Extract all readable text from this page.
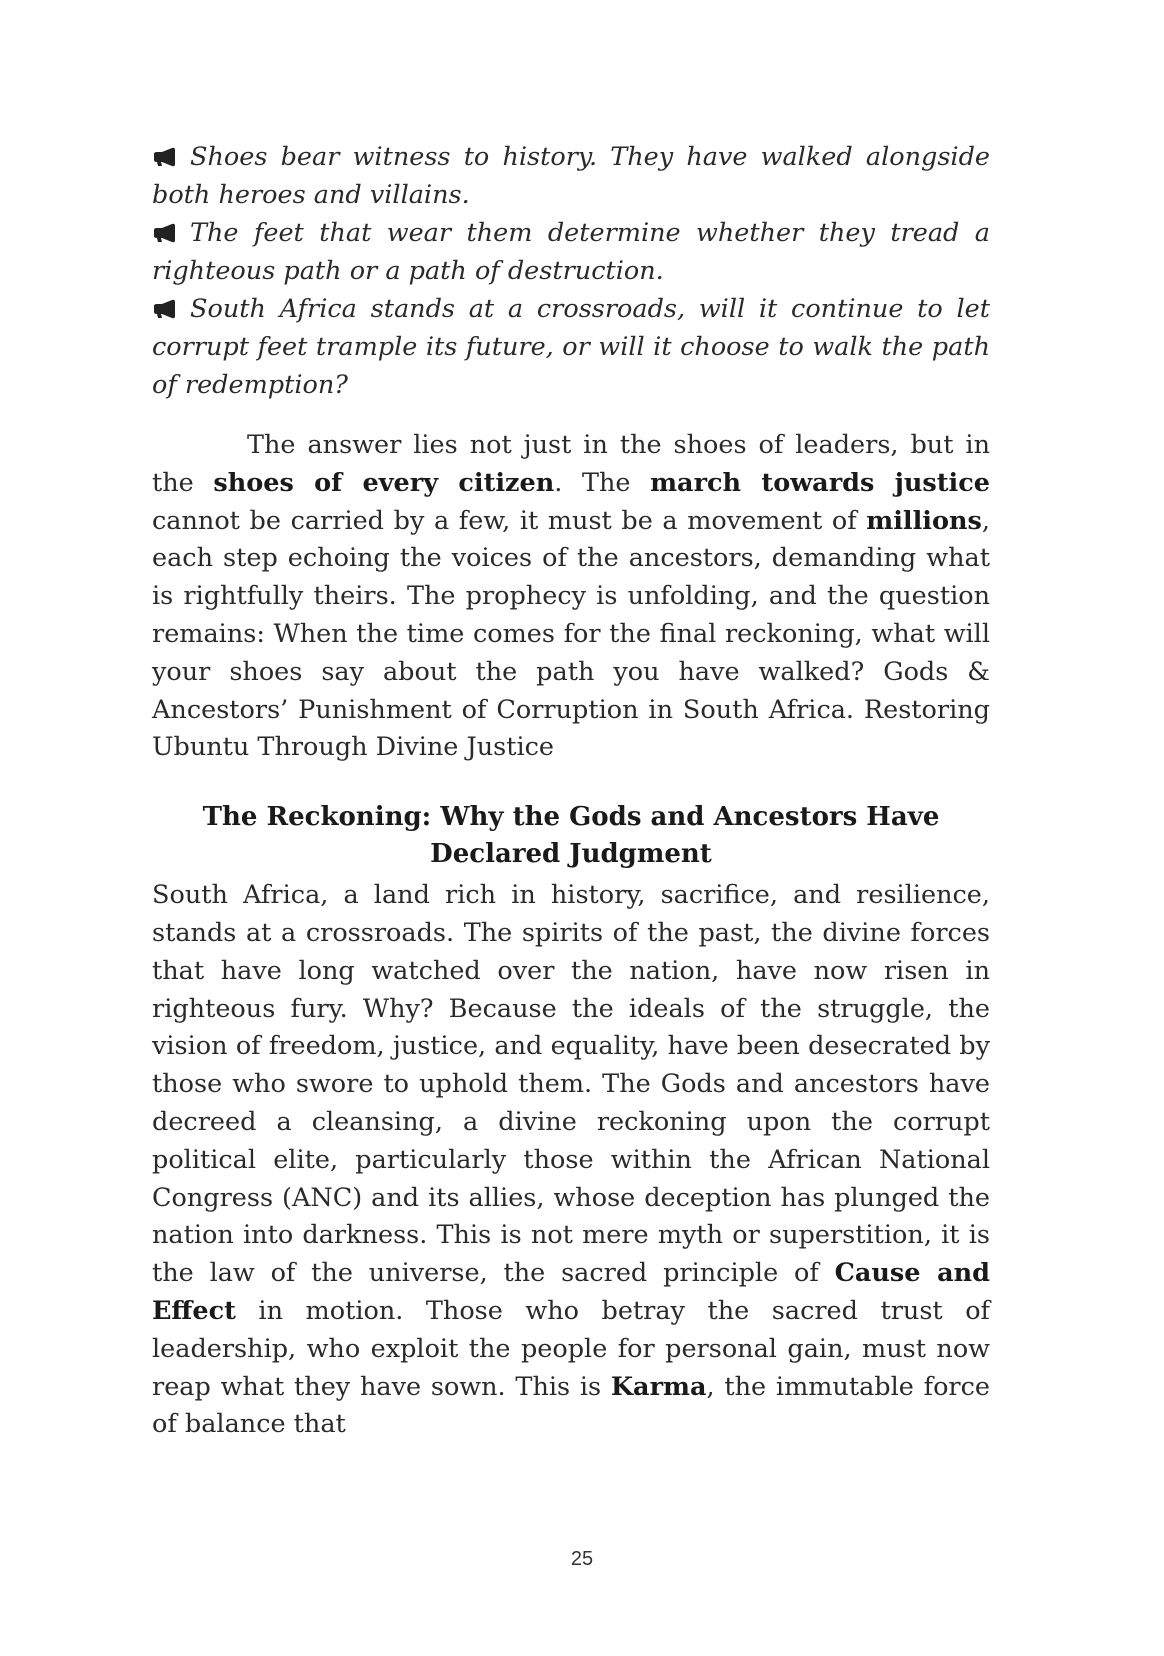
Shoes bear witness to history. They have walked alongside both heroes and villains.

The feet that wear them determine whether they tread a righteous path or a path of destruction.

South Africa stands at a crossroads, will it continue to let corrupt feet trample its future, or will it choose to walk the path of redemption?

The answer lies not just in the shoes of leaders, but in the shoes of every citizen. The march towards justice cannot be carried by a few, it must be a movement of millions, each step echoing the voices of the ancestors, demanding what is rightfully theirs. The prophecy is unfolding, and the question remains: When the time comes for the final reckoning, what will your shoes say about the path you have walked? Gods & Ancestors’ Punishment of Corruption in South Africa. Restoring Ubuntu Through Divine Justice

The Reckoning: Why the Gods and Ancestors Have
Declared Judgment

South Africa, a land rich in history, sacrifice, and resilience, stands at a crossroads. The spirits of the past, the divine forces that have long watched over the nation, have now risen in righteous fury. Why? Because the ideals of the struggle, the vision of freedom, justice, and equality, have been desecrated by those who swore to uphold them. The Gods and ancestors have decreed a cleansing, a divine reckoning upon the corrupt political elite, particularly those within the African National Congress (ANC) and its allies, whose deception has plunged the nation into darkness. This is not mere myth or superstition, it is the law of the universe, the sacred principle of Cause and Effect in motion. Those who betray the sacred trust of leadership, who exploit the people for personal gain, must now reap what they have sown. This is Karma, the immutable force of balance that

25
